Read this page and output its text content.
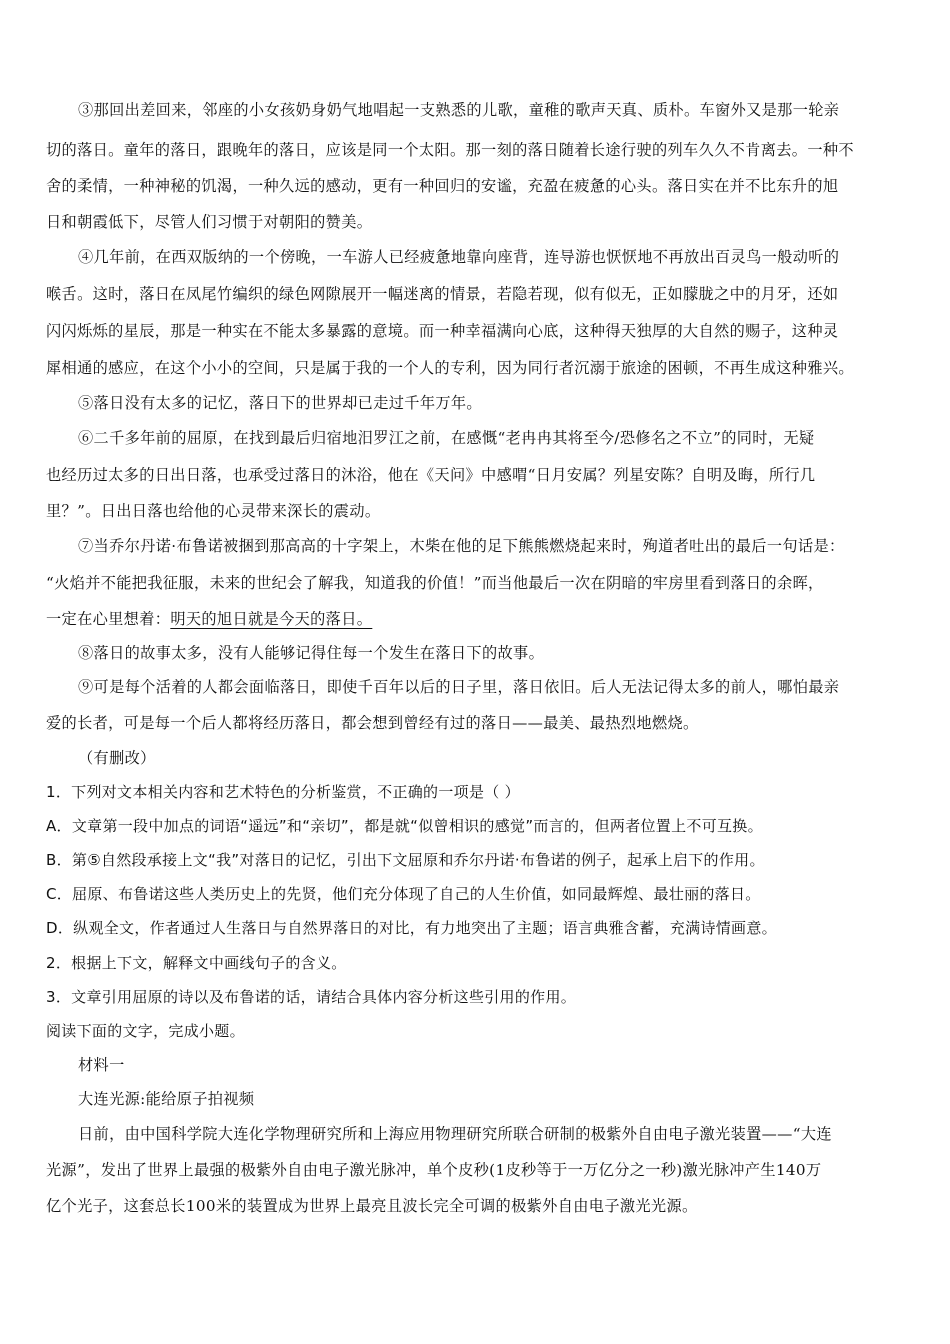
③那回出差回来，邻座的小女孩奶身奶气地唱起一支熟悉的儿歌，童稚的歌声天真、质朴。车窗外又是那一轮亲
切的落日。童年的落日，跟晚年的落日，应该是同一个太阳。那一刻的落日随着长途行驶的列车久久不肯离去。一种不
舍的柔情，一种神秘的饥渴，一种久远的感动，更有一种回归的安谧，充盈在疲惫的心头。落日实在并不比东升的旭
日和朝霞低下，尽管人们习惯于对朝阳的赞美。
④几年前，在西双版纳的一个傍晚，一车游人已经疲惫地靠向座背，连导游也恹恹地不再放出百灵鸟一般动听的
喉舌。这时，落日在凤尾竹编织的绿色网隙展开一幅迷离的情景，若隐若现，似有似无，正如朦胧之中的月牙，还如
闪闪烁烁的星辰，那是一种实在不能太多暴露的意境。而一种幸福满向心底，这种得天独厚的大自然的赐子，这种灵
犀相通的感应，在这个小小的空间，只是属于我的一个人的专利，因为同行者沉溺于旅途的困顿，不再生成这种雅兴。
⑤落日没有太多的记忆，落日下的世界却已走过千年万年。
⑥二千多年前的屈原，在找到最后归宿地汨罗江之前，在感慨“老冉冉其将至今/恐修名之不立”的同时，无疑
也经历过太多的日出日落，也承受过落日的沐浴，他在《天问》中感喟“日月安属？列星安陈？自明及晦，所行几
里？”。日出日落也给他的心灵带来深长的震动。
⑦当乔尔丹诺·布鲁诺被捆到那高高的十字架上，木柴在他的足下熊熊燃烧起来时，殉道者吐出的最后一句话是：
“火焰并不能把我征服，未来的世纪会了解我，知道我的价值！”而当他最后一次在阴暗的牢房里看到落日的余晖，
一定在心里想着：明天的旭日就是今天的落日。
⑧落日的故事太多，没有人能够记得住每一个发生在落日下的故事。
⑨可是每个活着的人都会面临落日，即使千百年以后的日子里，落日依旧。后人无法记得太多的前人，哪怕最亲
爱的长者，可是每一个后人都将经历落日，都会想到曾经有过的落日——最美、最热烈地燃烧。
（有删改）
1．下列对文本相关内容和艺术特色的分析鉴赏，不正确的一项是（ ）
A．文章第一段中加点的词语“遥远”和“亲切”，都是就“似曾相识的感觉”而言的，但两者位置上不可互换。
B．第⑤自然段承接上文“我”对落日的记忆，引出下文屈原和乔尔丹诺·布鲁诺的例子，起承上启下的作用。
C．屈原、布鲁诺这些人类历史上的先贤，他们充分体现了自己的人生价值，如同最辉煌、最壮丽的落日。
D．纵观全文，作者通过人生落日与自然界落日的对比，有力地突出了主题；语言典雅含蓄，充满诗情画意。
2．根据上下文，解释文中画线句子的含义。
3．文章引用屈原的诗以及布鲁诺的话，请结合具体内容分析这些引用的作用。
阅读下面的文字，完成小题。
材料一
大连光源:能给原子拍视频
日前，由中国科学院大连化学物理研究所和上海应用物理研究所联合研制的极紫外自由电子激光装置——“大连
光源”，发出了世界上最强的极紫外自由电子激光脉冲，单个皮秒(1皮秒等于一万亿分之一秒)激光脉冲产生140万
亿个光子，这套总长100米的装置成为世界上最亮且波长完全可调的极紫外自由电子激光光源。
